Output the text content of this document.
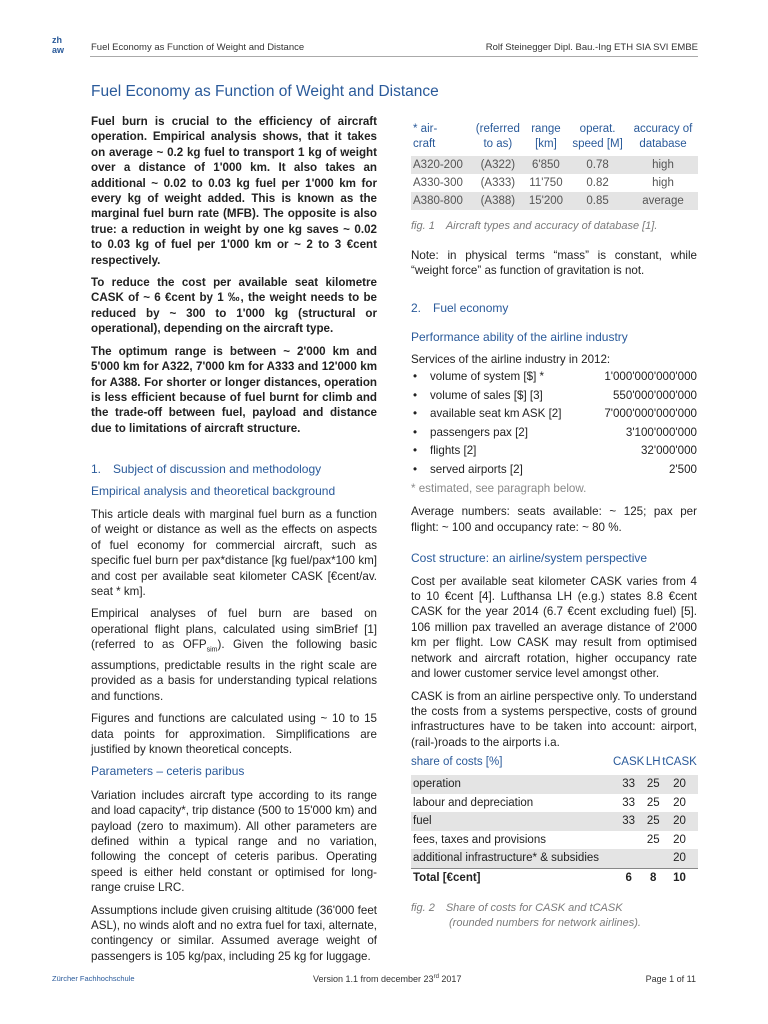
zh
aw	Fuel Economy as Function of Weight and Distance	Rolf Steinegger Dipl. Bau.-Ing ETH SIA SVI EMBE
Fuel Economy as Function of Weight and Distance

Fuel burn is crucial to the efficiency of aircraft operation. Empirical analysis shows, that it takes on average ~ 0.2 kg fuel to transport 1 kg of weight over a distance of 1'000 km. It also takes an additional ~ 0.02 to 0.03 kg fuel per 1'000 km for every kg of weight added. This is known as the marginal fuel burn rate (MFB). The opposite is also true: a reduction in weight by one kg saves ~ 0.02 to 0.03 kg of fuel per 1'000 km or ~ 2 to 3 €cent respectively.

To reduce the cost per available seat kilometre CASK of ~ 6 €cent by 1 ‰, the weight needs to be reduced by ~ 300 to 1'000 kg (structural or operational), depending on the aircraft type.

The optimum range is between ~ 2'000 km and 5'000 km for A322, 7'000 km for A333 and 12'000 km for A388. For shorter or longer distances, operation is less efficient because of fuel burnt for climb and the trade-off between fuel, payload and distance due to limitations of aircraft structure.

1. Subject of discussion and methodology
Empirical analysis and theoretical background

This article deals with marginal fuel burn as a function of weight or distance as well as the effects on aspects of fuel economy for commercial aircraft, such as specific fuel burn per pax*distance [kg fuel/pax*100 km] and cost per available seat kilometer CASK [€cent/av. seat * km].

Empirical analyses of fuel burn are based on operational flight plans, calculated using simBrief [1] (referred to as $OFP_{sim}$). Given the following basic assumptions, predictable results in the right scale are provided as a basis for understanding typical relations and functions.

Figures and functions are calculated using ~ 10 to 15 data points for approximation. Simplifications are justified by known theoretical concepts.

Parameters – ceteris paribus

Variation includes aircraft type according to its range and load capacity*, trip distance (500 to 15'000 km) and payload (zero to maximum). All other parameters are defined within a typical range and no variation, following the concept of ceteris paribus. Operating speed is either held constant or optimised for long-range cruise LRC.

Assumptions include given cruising altitude (36'000 feet ASL), no winds aloft and no extra fuel for taxi, alternate, contingency or similar. Assumed average weight of passengers is 105 kg/pax, including 25 kg for luggage.

* air-
craft	(referred
to as)	range
[km]	operat.
speed [M]	accuracy of
database
A320-200	(A322)	6'850	0.78	high
A330-300	(A333)	11'750	0.82	high
A380-800	(A388)	15'200	0.85	average
fig. 1 Aircraft types and accuracy of database [1].

Note: in physical terms “mass” is constant, while “weight force” as function of gravitation is not.

2. Fuel economy
Performance ability of the airline industry
Services of the airline industry in 2012:
• volume of system [$] *	1'000'000'000'000
• volume of sales [$] [3]	550'000'000'000
• available seat km ASK [2]	7'000'000'000'000
• passengers pax [2]	3'100'000'000
• flights [2]	32'000'000
• served airports [2]	2'500
* estimated, see paragraph below.

Average numbers: seats available: ~ 125; pax per flight: ~ 100 and occupancy rate: ~ 80 %.

Cost structure: an airline/system perspective

Cost per available seat kilometer CASK varies from 4 to 10 €cent [4]. Lufthansa LH (e.g.) states 8.8 €cent CASK for the year 2014 (6.7 €cent excluding fuel) [5]. 106 million pax travelled an average distance of 2'000 km per flight. Low CASK may result from optimised network and aircraft rotation, higher occupancy rate and lower customer service level amongst other.

CASK is from an airline perspective only. To understand the costs from a systems perspective, costs of ground infrastructures have to be taken into account: airport, (rail-)roads to the airports i.a.

share of costs [%]	CASK	LH	tCASK
operation	33	25	20
labour and depreciation	33	25	20
fuel	33	25	20
fees, taxes and provisions		25	20
additional infrastructure* & subsidies			20
Total [€cent]	6	8	10
fig. 2 Share of costs for CASK and tCASK
(rounded numbers for network airlines).
Zürcher Fachhochschule	Version 1.1 from december 23rd 2017	Page 1 of 11
